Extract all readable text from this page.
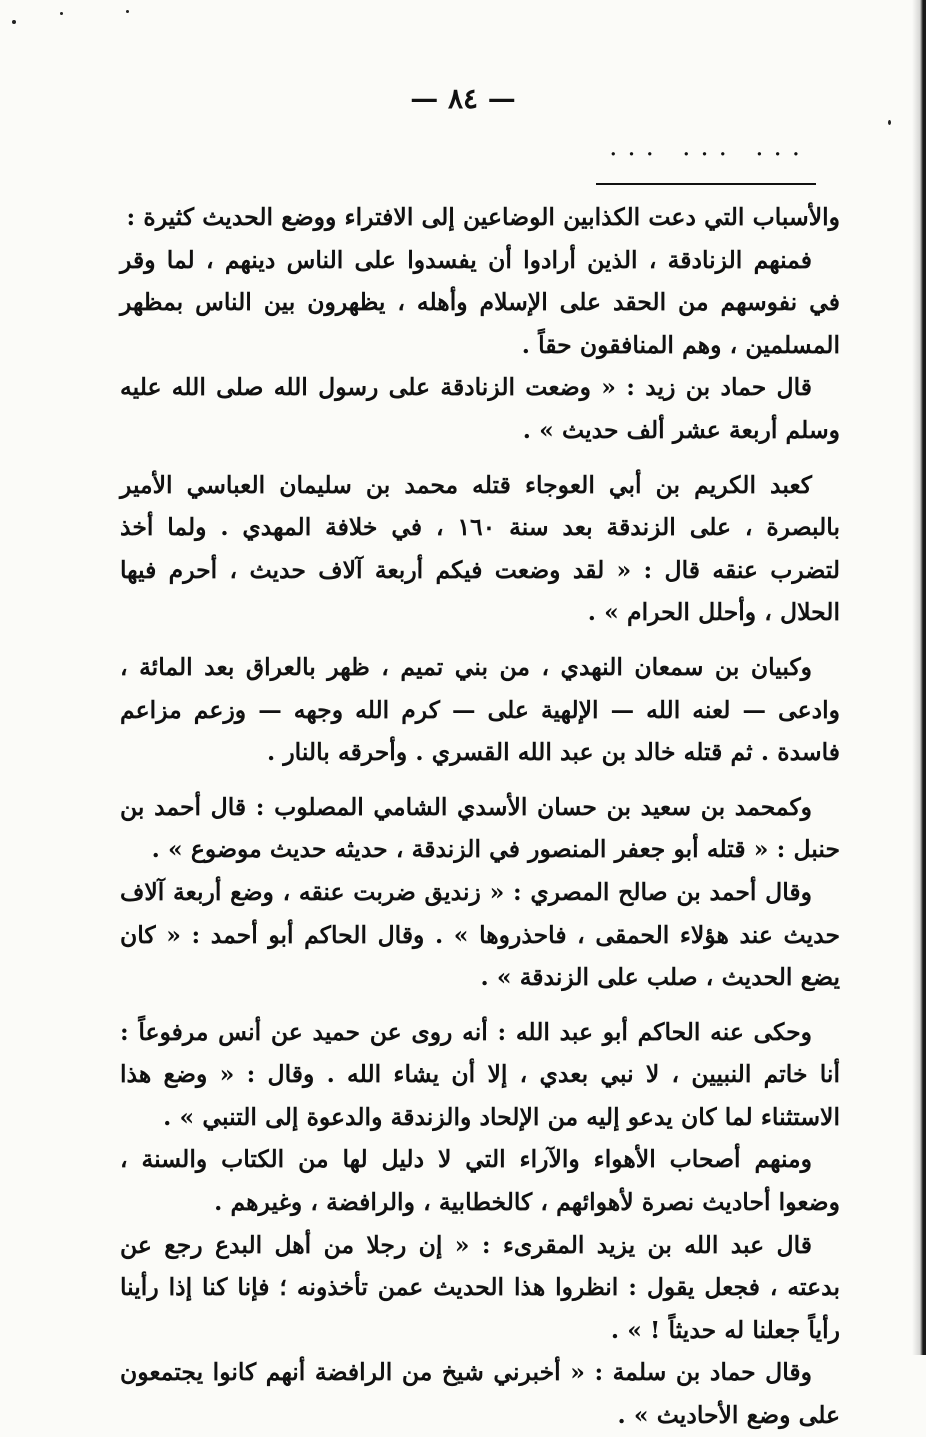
— ٨٤ —
... ... ...

والأسباب التي دعت الكذابين الوضاعين إلى الافتراء ووضع الحديث كثيرة :

فمنهم الزنادقة ، الذين أرادوا أن يفسدوا على الناس دينهم ، لما وقر في نفوسهم من الحقد على الإسلام وأهله ، يظهرون بين الناس بمظهر المسلمين ، وهم المنافقون حقاً .

قال حماد بن زيد : « وضعت الزنادقة على رسول الله صلى الله عليه وسلم أربعة عشر ألف حديث » .

كعبد الكريم بن أبي العوجاء قتله محمد بن سليمان العباسي الأمير بالبصرة ، على الزندقة بعد سنة ١٦٠ ، في خلافة المهدي . ولما أخذ لتضرب عنقه قال : « لقد وضعت فيكم أربعة آلاف حديث ، أحرم فيها الحلال ، وأحلل الحرام » .

وكبيان بن سمعان النهدي ، من بني تميم ، ظهر بالعراق بعد المائة ، وادعى — لعنه الله — الإلهية على — كرم الله وجهه — وزعم مزاعم فاسدة . ثم قتله خالد بن عبد الله القسري . وأحرقه بالنار .

وكمحمد بن سعيد بن حسان الأسدي الشامي المصلوب : قال أحمد بن حنبل : « قتله أبو جعفر المنصور في الزندقة ، حديثه حديث موضوع » .

وقال أحمد بن صالح المصري : « زنديق ضربت عنقه ، وضع أربعة آلاف حديث عند هؤلاء الحمقى ، فاحذروها » . وقال الحاكم أبو أحمد : « كان يضع الحديث ، صلب على الزندقة » .

وحكى عنه الحاكم أبو عبد الله : أنه روى عن حميد عن أنس مرفوعاً : أنا خاتم النبيين ، لا نبي بعدي ، إلا أن يشاء الله . وقال : « وضع هذا الاستثناء لما كان يدعو إليه من الإلحاد والزندقة والدعوة إلى التنبي » .

ومنهم أصحاب الأهواء والآراء التي لا دليل لها من الكتاب والسنة ، وضعوا أحاديث نصرة لأهوائهم ، كالخطابية ، والرافضة ، وغيرهم .

قال عبد الله بن يزيد المقرىء : « إن رجلا من أهل البدع رجع عن بدعته ، فجعل يقول : انظروا هذا الحديث عمن تأخذونه ؛ فإنا كنا إذا رأينا رأياً جعلنا له حديثاً ! » .

وقال حماد بن سلمة : « أخبرني شيخ من الرافضة أنهم كانوا يجتمعون على وضع الأحاديث » .
